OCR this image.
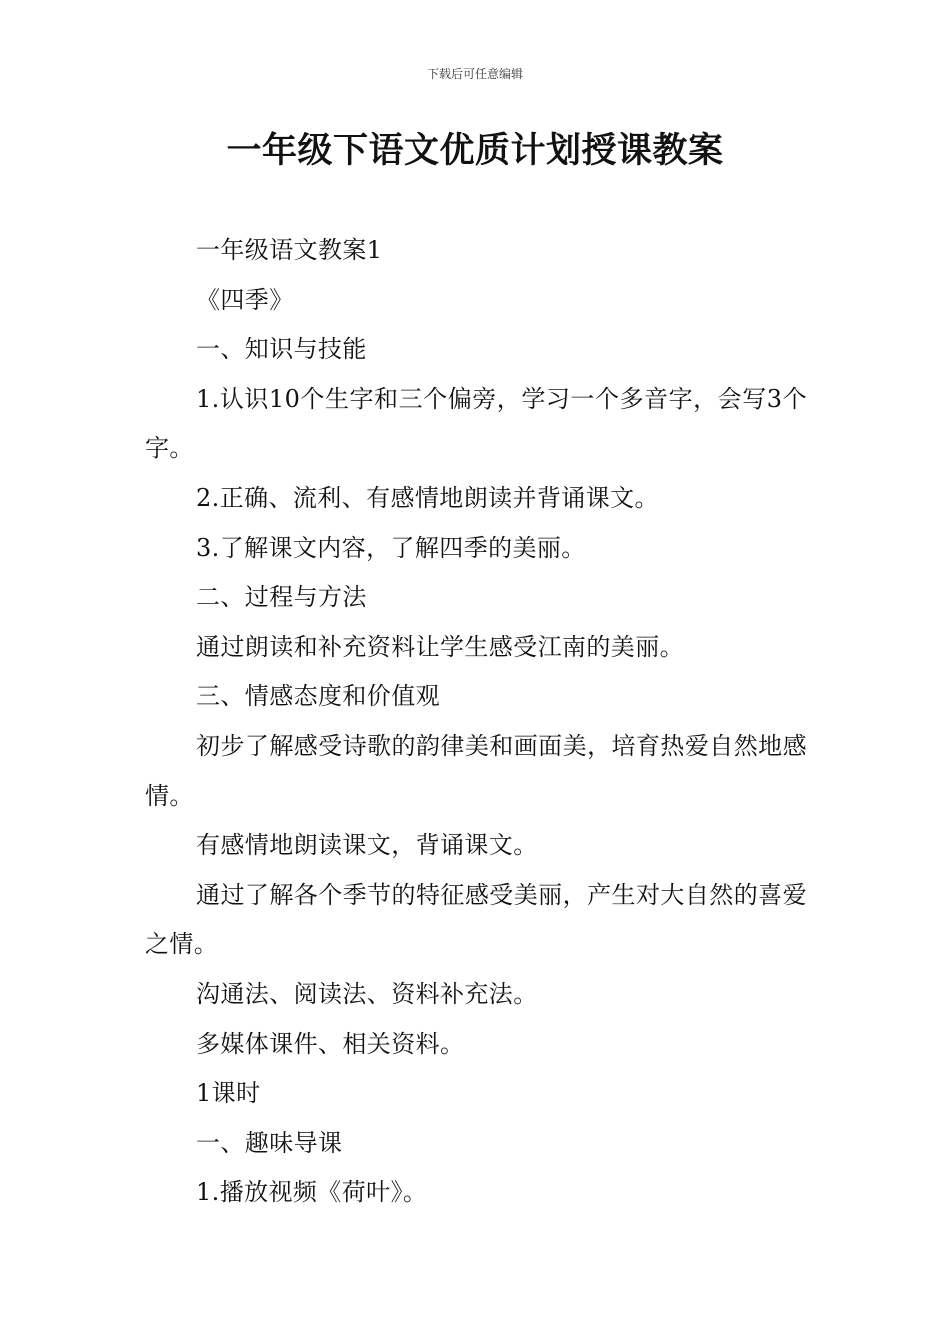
下载后可任意编辑
一年级下语文优质计划授课教案

一年级语文教案1

《四季》

一、知识与技能

1.认识10个生字和三个偏旁，学习一个多音字，会写3个字。

2.正确、流利、有感情地朗读并背诵课文。

3.了解课文内容，了解四季的美丽。

二、过程与方法

通过朗读和补充资料让学生感受江南的美丽。

三、情感态度和价值观

初步了解感受诗歌的韵律美和画面美，培育热爱自然地感情。

有感情地朗读课文，背诵课文。

通过了解各个季节的特征感受美丽，产生对大自然的喜爱之情。

沟通法、阅读法、资料补充法。

多媒体课件、相关资料。

1课时

一、趣味导课

1.播放视频《荷叶》。
